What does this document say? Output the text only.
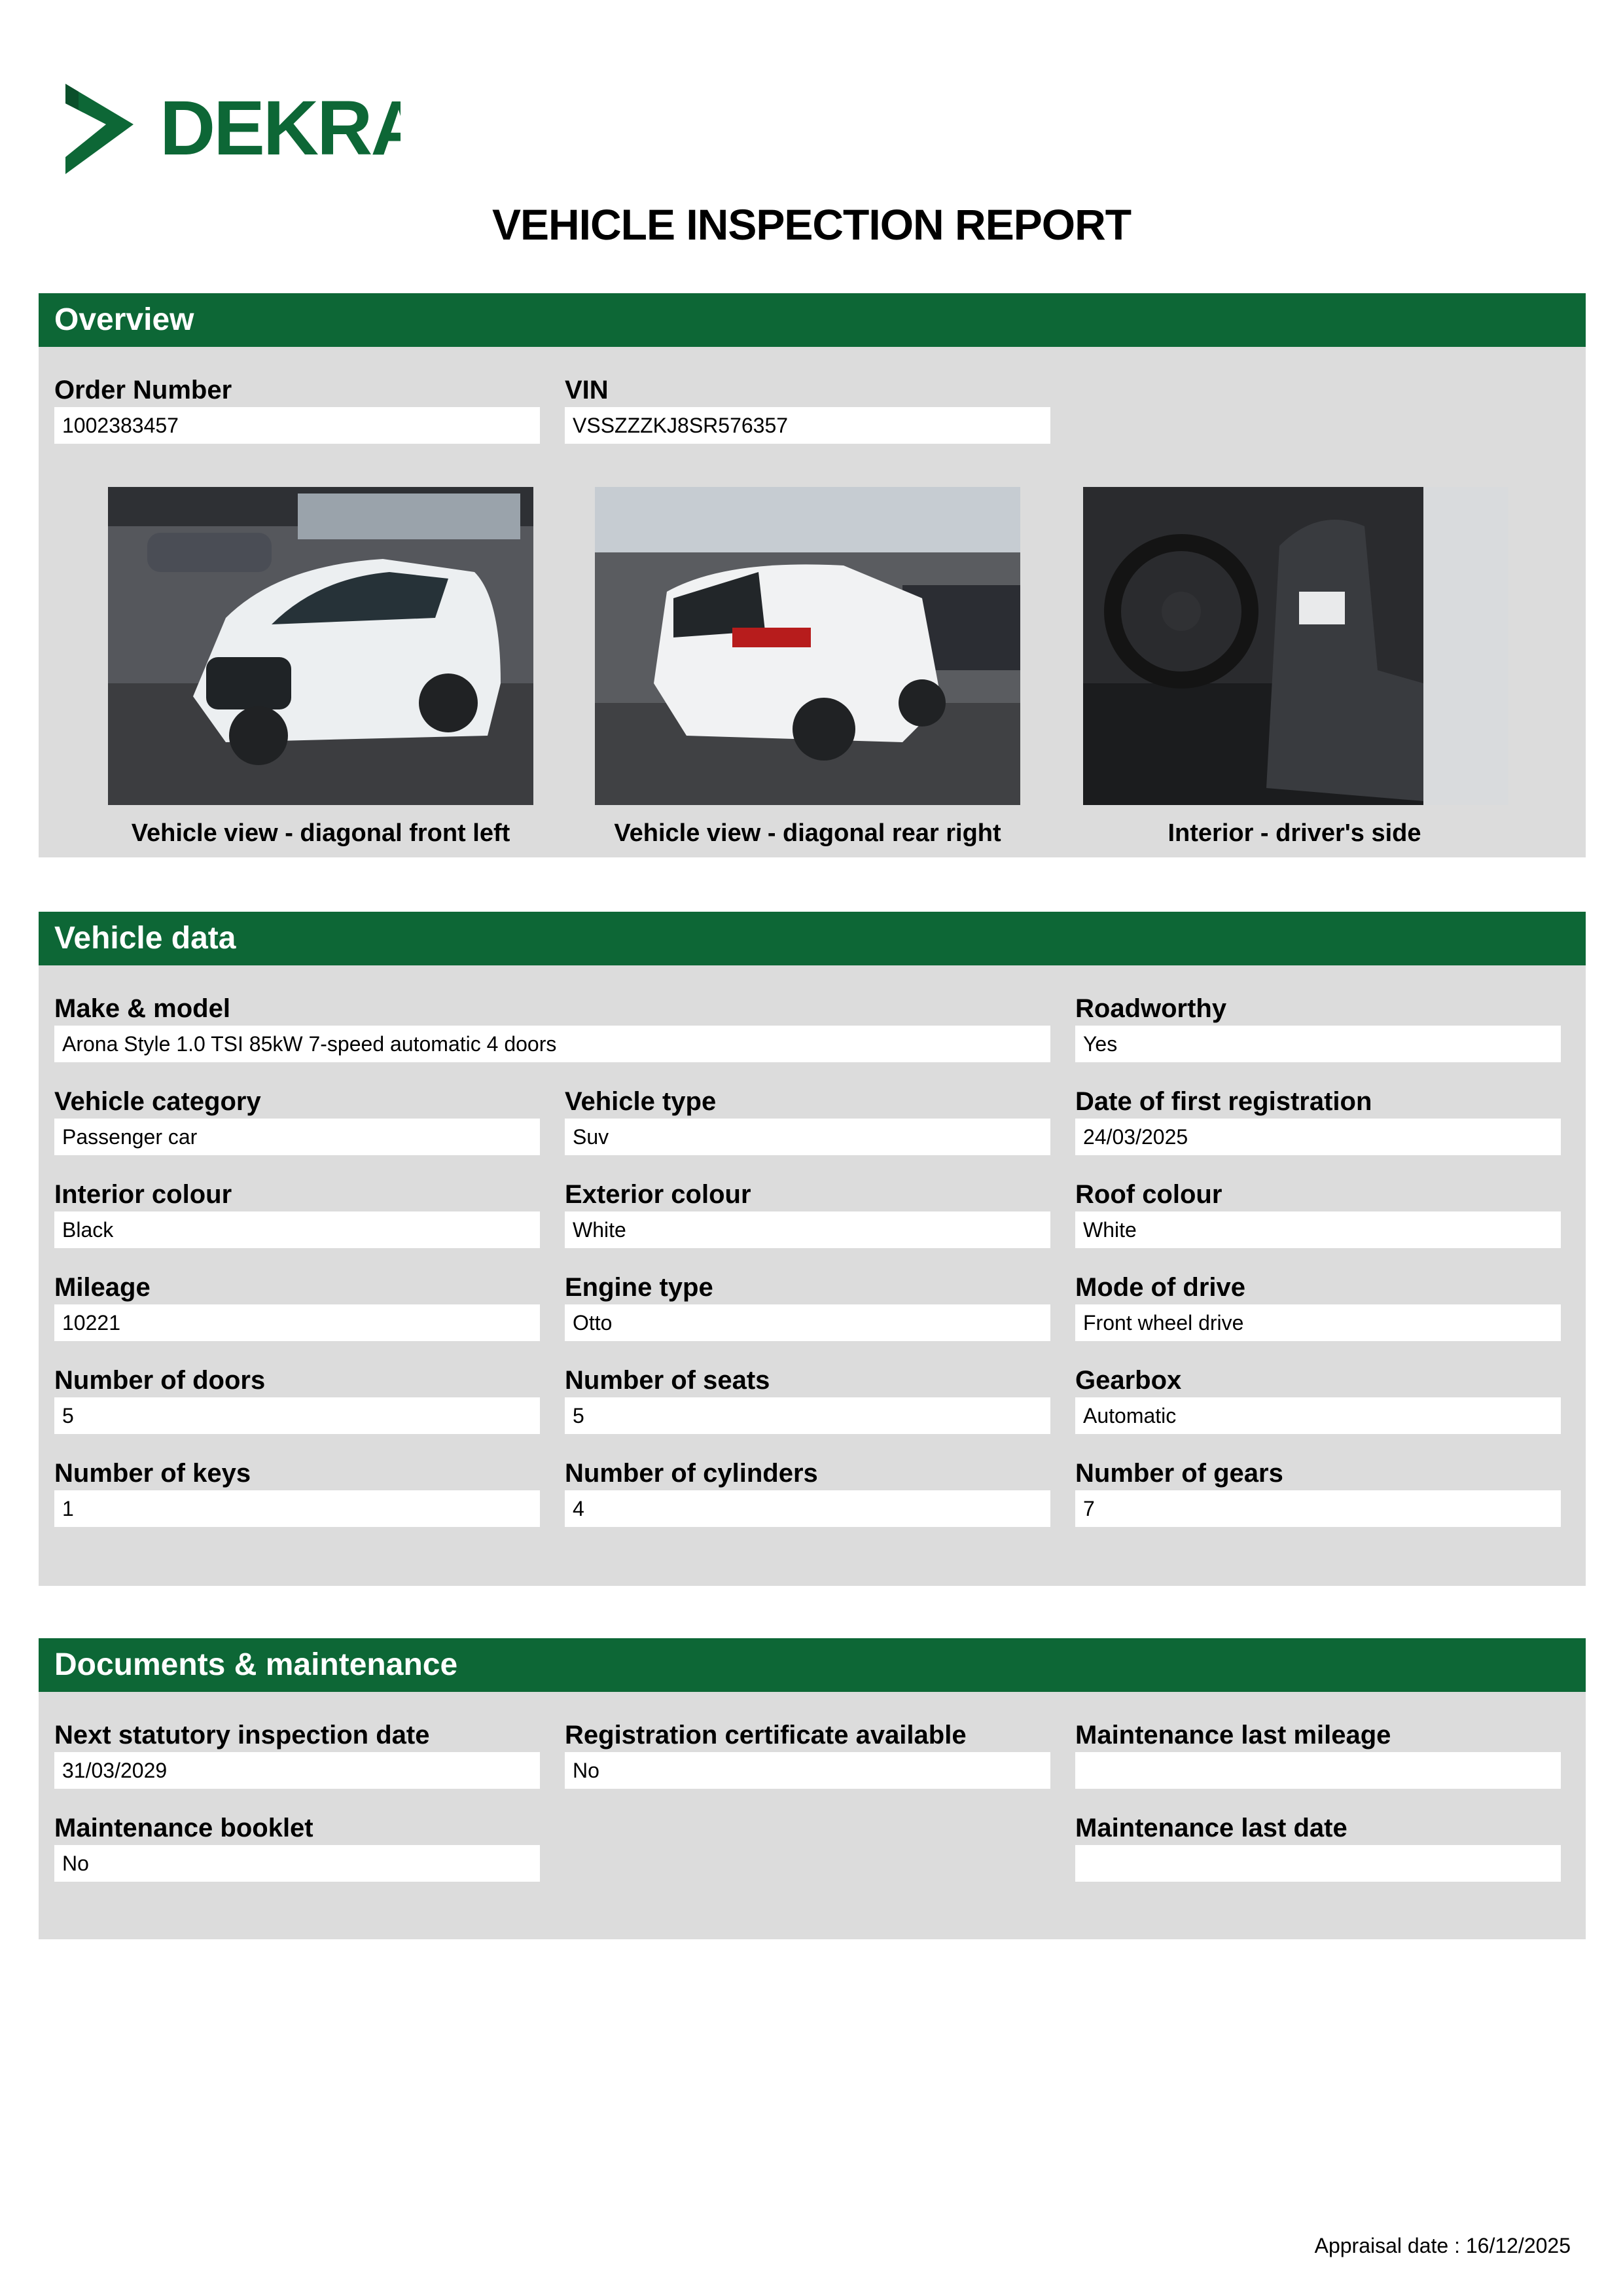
DEKRA
VEHICLE INSPECTION REPORT
Overview
Order Number
1002383457
VIN
VSSZZZKJ8SR576357
Vehicle view - diagonal front left	Vehicle view - diagonal rear right	Interior - driver's side
Vehicle data
Make & model
Arona Style 1.0 TSI 85kW 7-speed automatic 4 doors
Roadworthy
Yes
Vehicle category
Passenger car
Vehicle type
Suv
Date of first registration
24/03/2025
Interior colour
Black
Exterior colour
White
Roof colour
White
Mileage
10221
Engine type
Otto
Mode of drive
Front wheel drive
Number of doors
5
Number of seats
5
Gearbox
Automatic
Number of keys
1
Number of cylinders
4
Number of gears
7
Documents & maintenance
Next statutory inspection date
31/03/2029
Registration certificate available
No
Maintenance last mileage
Maintenance booklet
No
Maintenance last date
Appraisal date : 16/12/2025
